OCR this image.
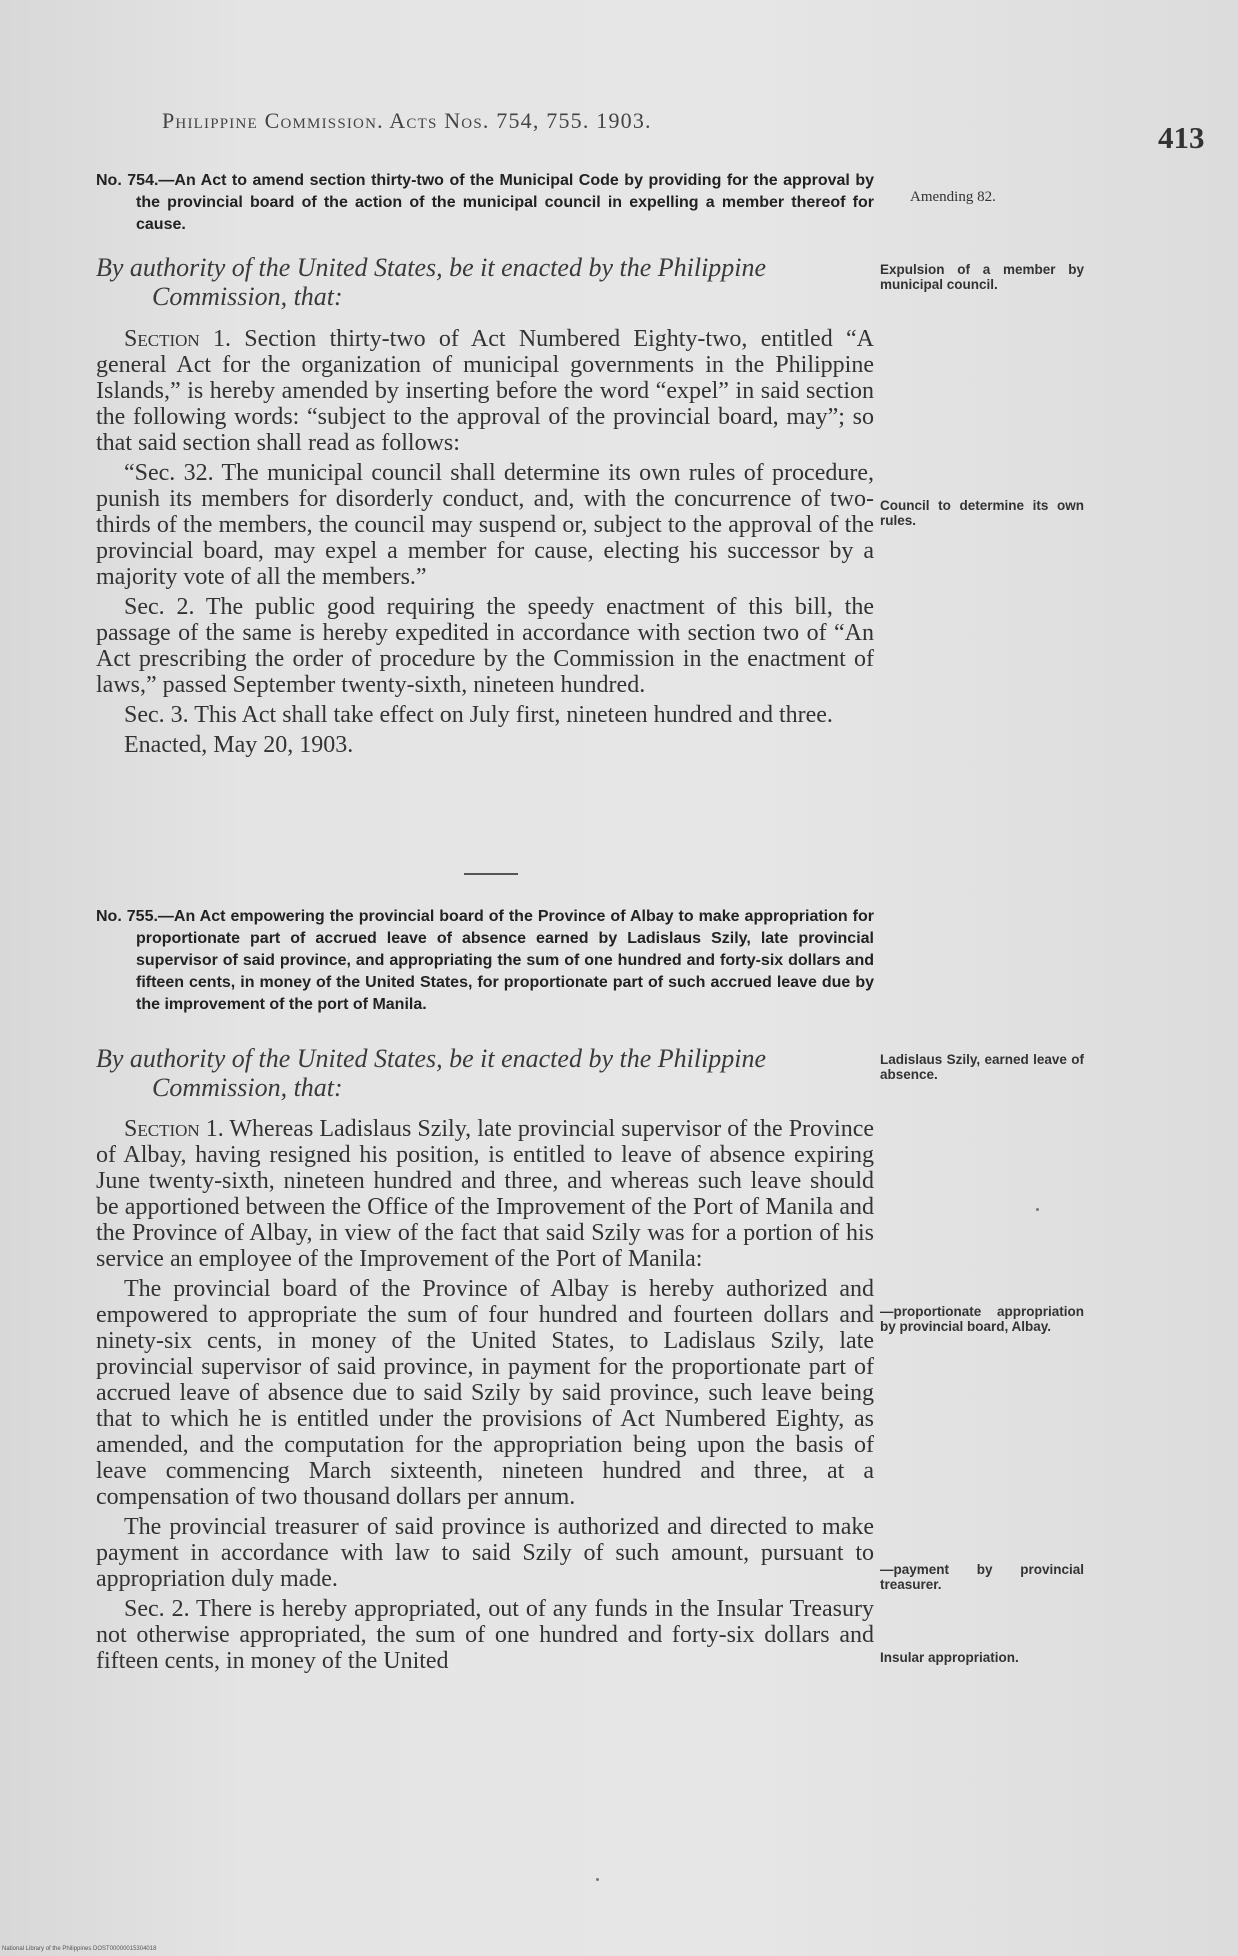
Philippine Commission. Acts Nos. 754, 755. 1903.	413
No. 754.—An Act to amend section thirty-two of the Municipal Code by providing for the approval by the provincial board of the action of the municipal council in expelling a member thereof for cause.
By authority of the United States, be it enacted by the Philippine
Commission, that:

Section 1. Section thirty-two of Act Numbered Eighty-two, entitled “A general Act for the organization of municipal governments in the Philippine Islands,” is hereby amended by inserting before the word “expel” in said section the following words: “subject to the approval of the provincial board, may”; so that said section shall read as follows:

“Sec. 32. The municipal council shall determine its own rules of procedure, punish its members for disorderly conduct, and, with the concurrence of two-thirds of the members, the council may suspend or, subject to the approval of the provincial board, may expel a member for cause, electing his successor by a majority vote of all the members.”

Sec. 2. The public good requiring the speedy enactment of this bill, the passage of the same is hereby expedited in accordance with section two of “An Act prescribing the order of procedure by the Commission in the enactment of laws,” passed September twenty-sixth, nineteen hundred.

Sec. 3. This Act shall take effect on July first, nineteen hundred and three.

Enacted, May 20, 1903.
No. 755.—An Act empowering the provincial board of the Province of Albay to make appropriation for proportionate part of accrued leave of absence earned by Ladislaus Szily, late provincial supervisor of said province, and appropriating the sum of one hundred and forty-six dollars and fifteen cents, in money of the United States, for proportionate part of such accrued leave due by the improvement of the port of Manila.
By authority of the United States, be it enacted by the Philippine
Commission, that:

Section 1. Whereas Ladislaus Szily, late provincial supervisor of the Province of Albay, having resigned his position, is entitled to leave of absence expiring June twenty-sixth, nineteen hundred and three, and whereas such leave should be apportioned between the Office of the Improvement of the Port of Manila and the Province of Albay, in view of the fact that said Szily was for a portion of his service an employee of the Improvement of the Port of Manila:

The provincial board of the Province of Albay is hereby authorized and empowered to appropriate the sum of four hundred and fourteen dollars and ninety-six cents, in money of the United States, to Ladislaus Szily, late provincial supervisor of said province, in payment for the proportionate part of accrued leave of absence due to said Szily by said province, such leave being that to which he is entitled under the provisions of Act Numbered Eighty, as amended, and the computation for the appropriation being upon the basis of leave commencing March sixteenth, nineteen hundred and three, at a compensation of two thousand dollars per annum.

The provincial treasurer of said province is authorized and directed to make payment in accordance with law to said Szily of such amount, pursuant to appropriation duly made.

Sec. 2. There is hereby appropriated, out of any funds in the Insular Treasury not otherwise appropriated, the sum of one hundred and forty-six dollars and fifteen cents, in money of the United

Amending 82.
Expulsion of a member by municipal council.
Council to determine its own rules.
Ladislaus Szily, earned leave of absence.
—proportionate appropriation by provincial board, Albay.
—payment by provincial treasurer.
Insular appropriation.
National Library of the Philippines DOST00000015304018
